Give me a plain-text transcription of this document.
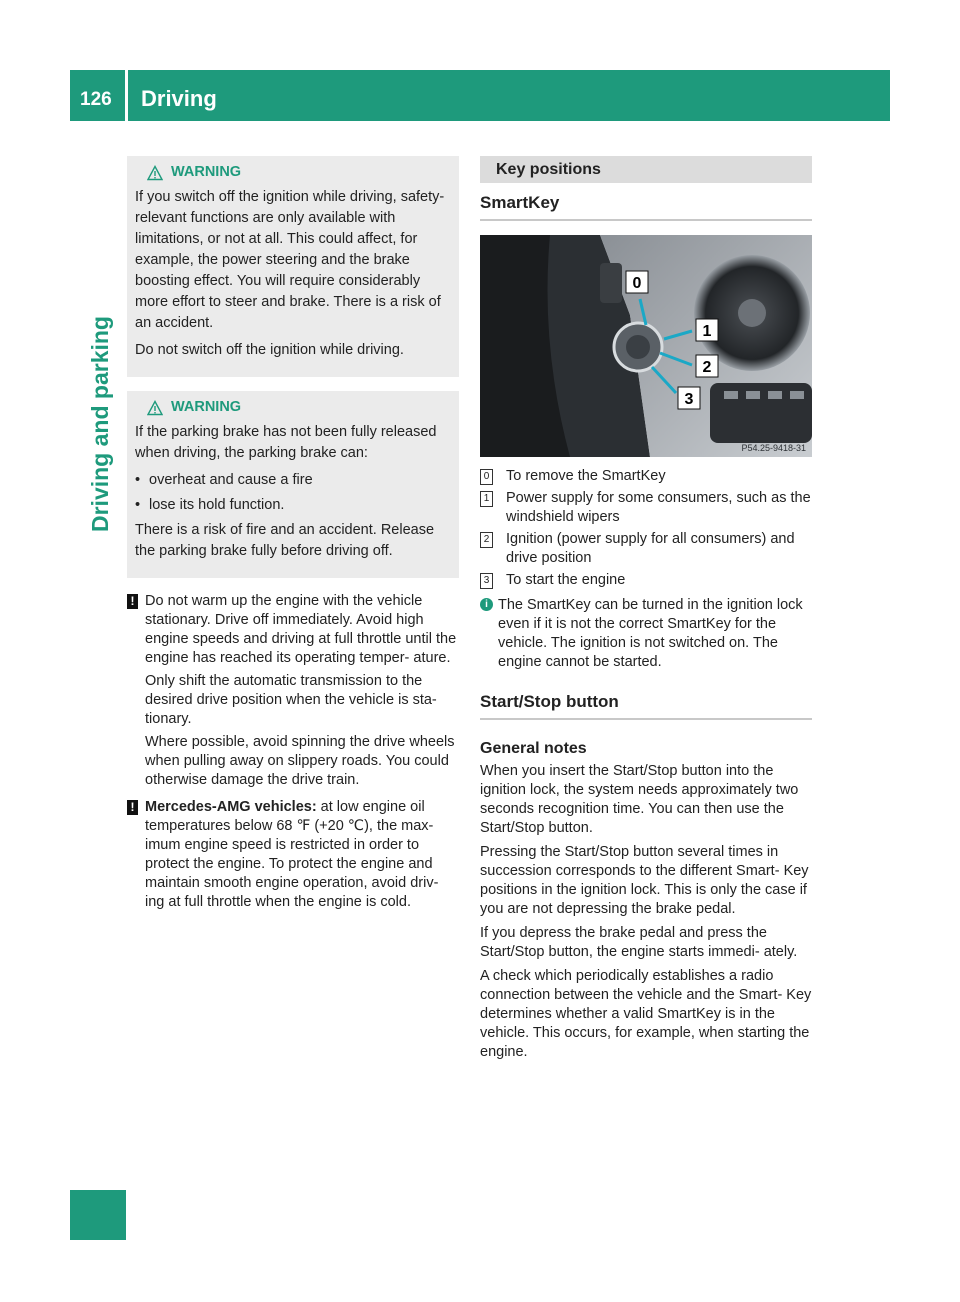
126 Driving
Driving and parking
WARNING

If you switch off the ignition while driving, safety-relevant functions are only available with limitations, or not at all. This could affect, for example, the power steering and the brake boosting effect. You will require considerably more effort to steer and brake. There is a risk of an accident.

Do not switch off the ignition while driving.

WARNING

If the parking brake has not been fully released when driving, the parking brake can:

• overheat and cause a fire
• lose its hold function.

There is a risk of fire and an accident. Release the parking brake fully before driving off.

! Do not warm up the engine with the vehicle stationary. Drive off immediately. Avoid high engine speeds and driving at full throttle until the engine has reached its operating temper- ature.

Only shift the automatic transmission to the desired drive position when the vehicle is sta- tionary.

Where possible, avoid spinning the drive wheels when pulling away on slippery roads. You could otherwise damage the drive train.

! Mercedes-AMG vehicles: at low engine oil temperatures below 68 ℉ (+20 ℃), the max- imum engine speed is restricted in order to protect the engine. To protect the engine and maintain smooth engine operation, avoid driv- ing at full throttle when the engine is cold.

Key positions
SmartKey
0
1
2
3
P54.25-9418-31
0 To remove the SmartKey
1 Power supply for some consumers, such as the windshield wipers
2 Ignition (power supply for all consumers) and drive position
3 To start the engine
i The SmartKey can be turned in the ignition lock even if it is not the correct SmartKey for the vehicle. The ignition is not switched on. The engine cannot be started.
Start/Stop button
General notes

When you insert the Start/Stop button into the ignition lock, the system needs approximately two seconds recognition time. You can then use the Start/Stop button.

Pressing the Start/Stop button several times in succession corresponds to the different Smart- Key positions in the ignition lock. This is only the case if you are not depressing the brake pedal.

If you depress the brake pedal and press the Start/Stop button, the engine starts immedi- ately.

A check which periodically establishes a radio connection between the vehicle and the Smart- Key determines whether a valid SmartKey is in the vehicle. This occurs, for example, when starting the engine.
